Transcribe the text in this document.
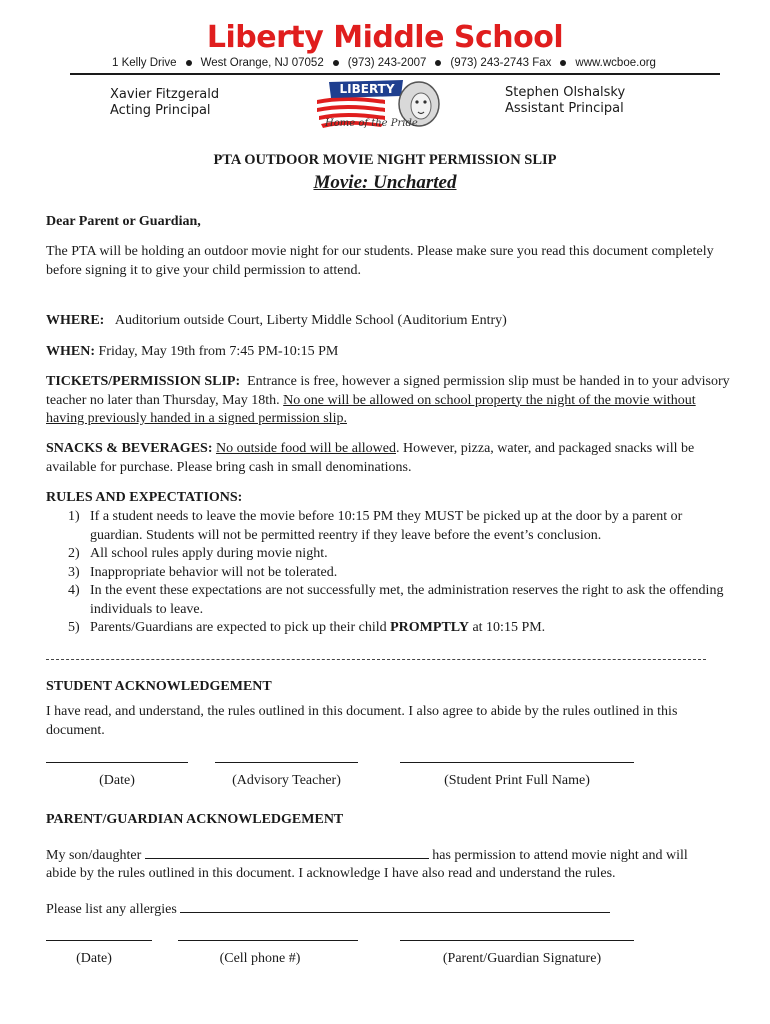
Liberty Middle School
1 Kelly Drive West Orange, NJ 07052 (973) 243-2007 (973) 243-2743 Fax www.wcboe.org
Xavier Fitzgerald
Acting Principal
Stephen Olshalsky
Assistant Principal
LIBERTY
Home of the Pride
PTA OUTDOOR MOVIE NIGHT PERMISSION SLIP
Movie: Uncharted
Dear Parent or Guardian,
The PTA will be holding an outdoor movie night for our students. Please make sure you read this document completely before signing it to give your child permission to attend.
WHERE: Auditorium outside Court, Liberty Middle School (Auditorium Entry)
WHEN: Friday, May 19th from 7:45 PM-10:15 PM
TICKETS/PERMISSION SLIP: Entrance is free, however a signed permission slip must be handed in to your advisory teacher no later than Thursday, May 18th. No one will be allowed on school property the night of the movie without having previously handed in a signed permission slip.
SNACKS & BEVERAGES: No outside food will be allowed. However, pizza, water, and packaged snacks will be available for purchase. Please bring cash in small denominations.
RULES AND EXPECTATIONS:
1) If a student needs to leave the movie before 10:15 PM they MUST be picked up at the door by a parent or guardian. Students will not be permitted reentry if they leave before the event’s conclusion.
2) All school rules apply during movie night.
3) Inappropriate behavior will not be tolerated.
4) In the event these expectations are not successfully met, the administration reserves the right to ask the offending individuals to leave.
5) Parents/Guardians are expected to pick up their child PROMPTLY at 10:15 PM.
STUDENT ACKNOWLEDGEMENT
I have read, and understand, the rules outlined in this document. I also agree to abide by the rules outlined in this document.
(Date)	(Advisory Teacher)	(Student Print Full Name)
PARENT/GUARDIAN ACKNOWLEDGEMENT
My son/daughter	has permission to attend movie night and will
abide by the rules outlined in this document. I acknowledge I have also read and understand the rules.
Please list any allergies
(Date)	(Cell phone #)	(Parent/Guardian Signature)
